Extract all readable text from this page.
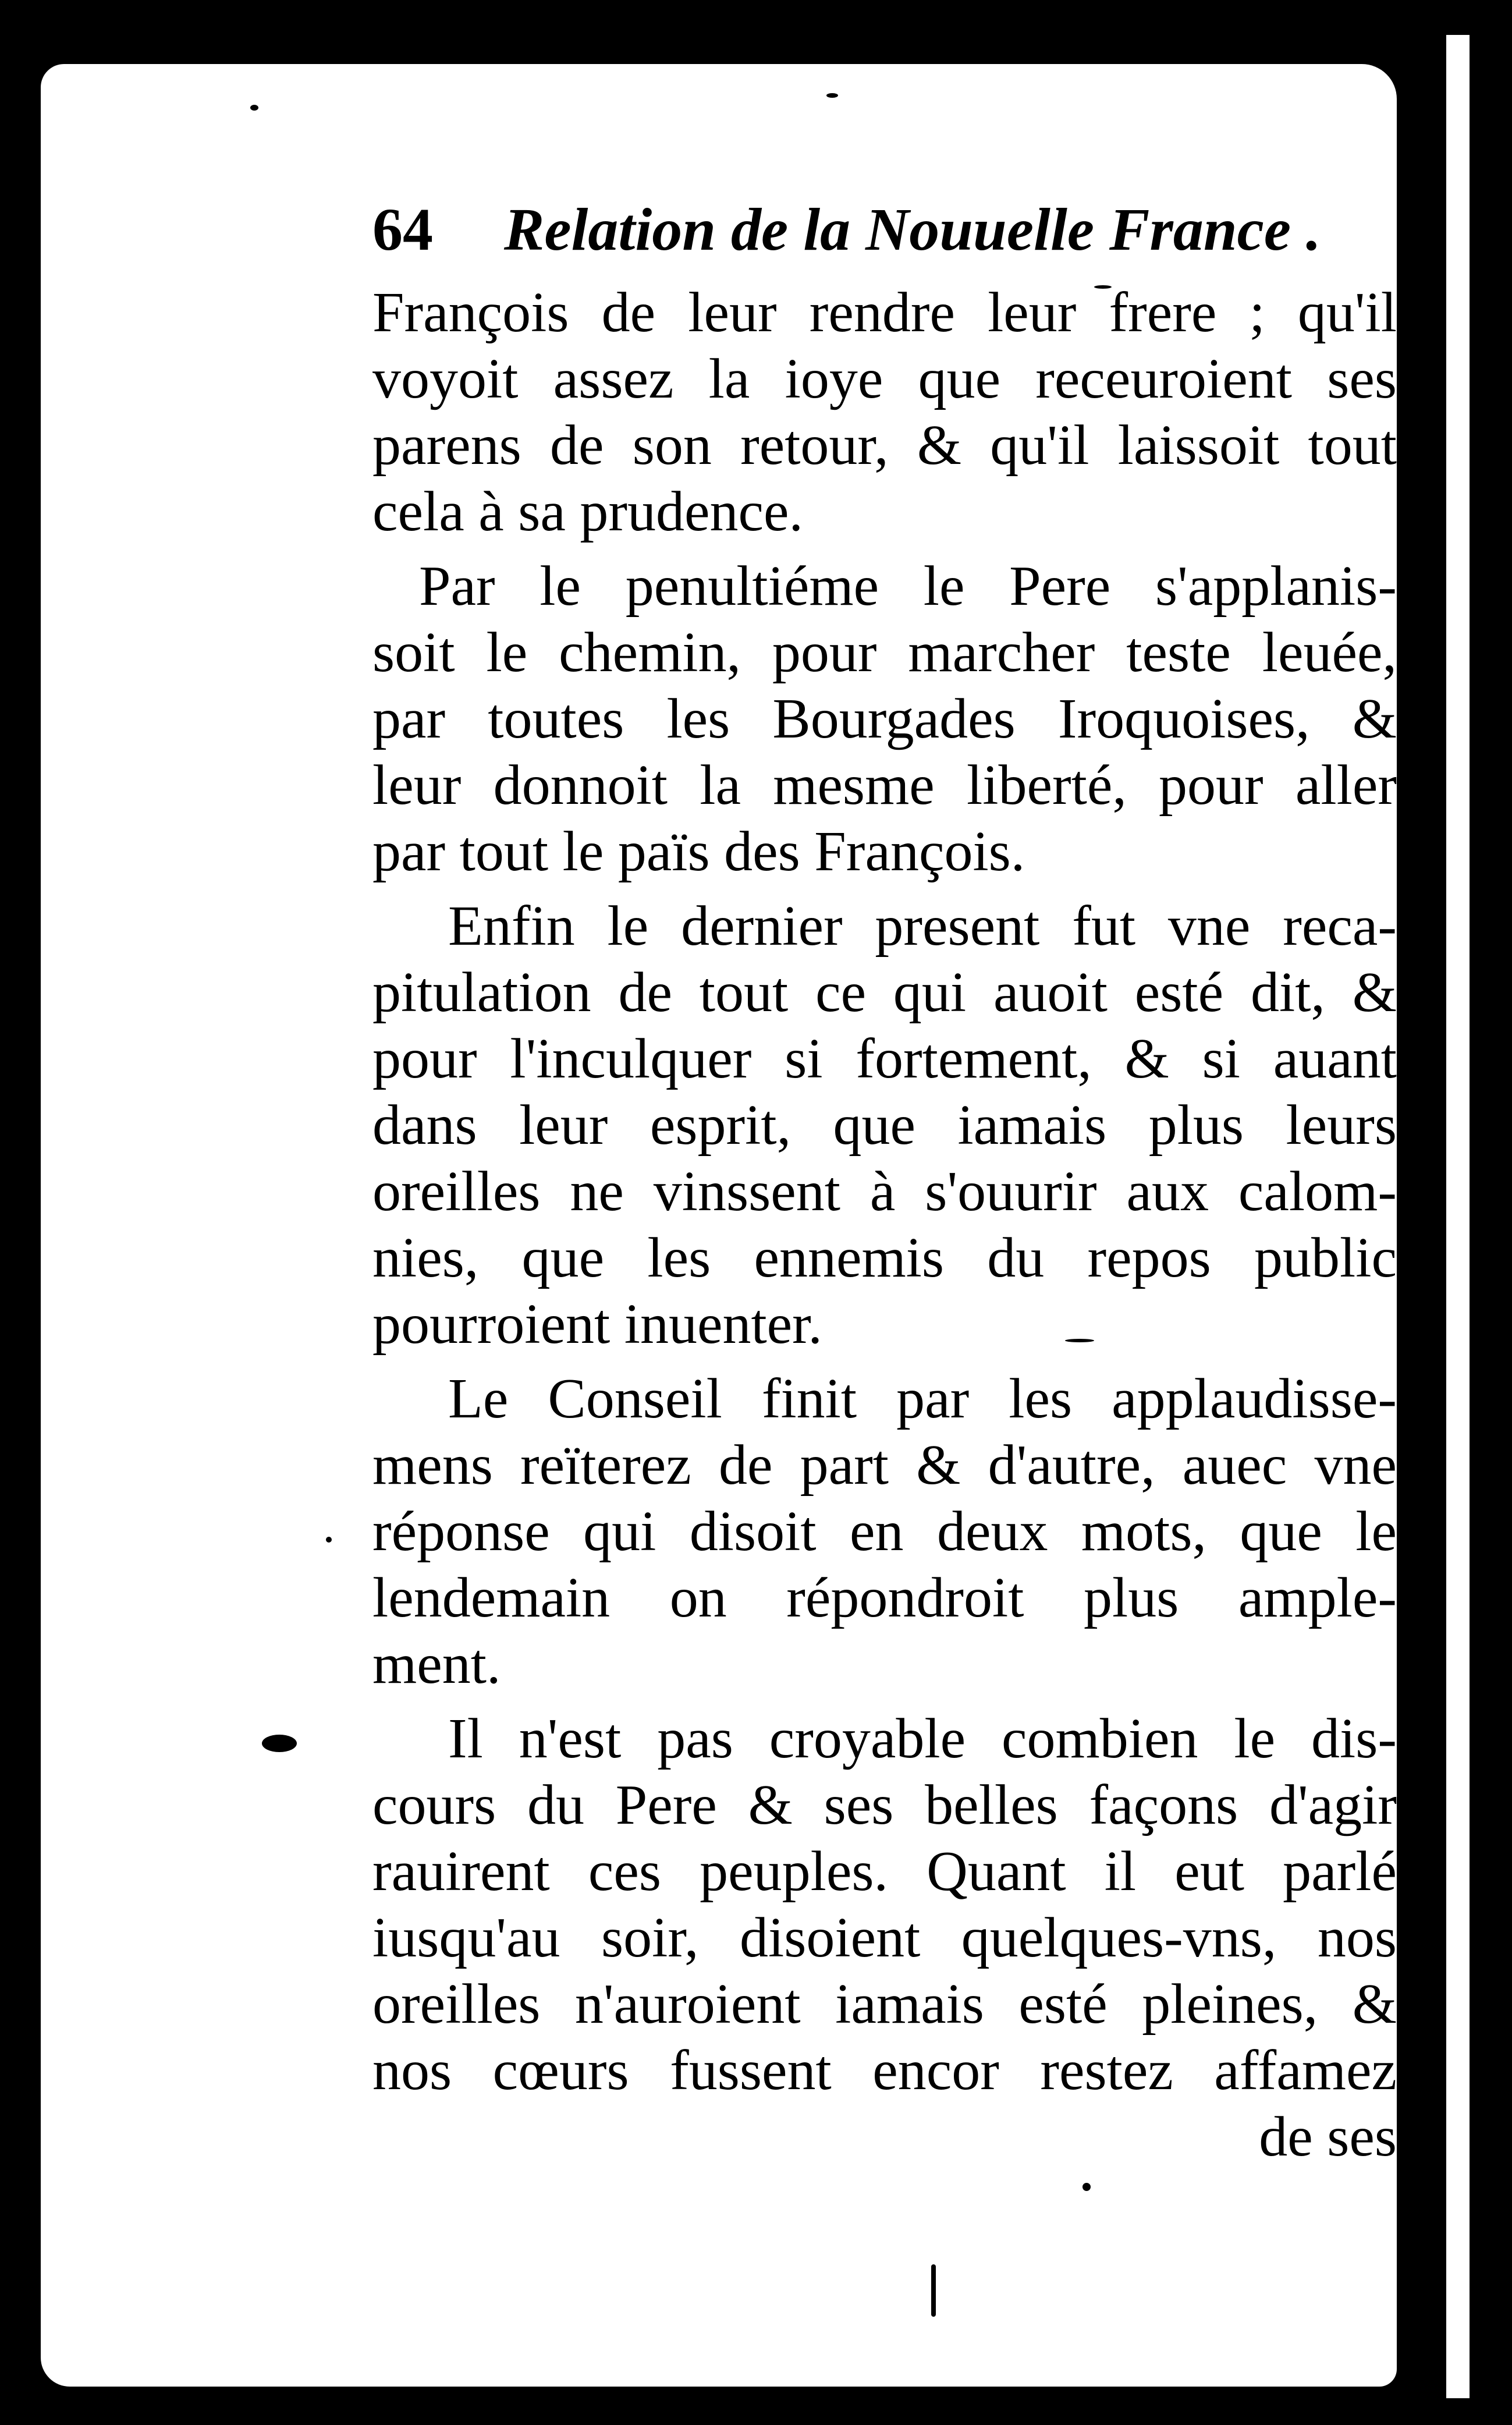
64 Relation de la Nouuelle France .
François de leur rendre leur frere ; qu'il
voyoit assez la ioye que receuroient ses
parens de son retour, & qu'il laissoit tout
cela à sa prudence.
Par le penultiéme le Pere s'applanis-
soit le chemin, pour marcher teste leuée,
par toutes les Bourgades Iroquoises, &
leur donnoit la mesme liberté, pour aller
par tout le païs des François.
Enfin le dernier present fut vne reca-
pitulation de tout ce qui auoit esté dit, &
pour l'inculquer si fortement, & si auant
dans leur esprit, que iamais plus leurs
oreilles ne vinssent à s'ouurir aux calom-
nies, que les ennemis du repos public
pourroient inuenter.
Le Conseil finit par les applaudisse-
mens reïterez de part & d'autre, auec vne
réponse qui disoit en deux mots, que le
lendemain on répondroit plus ample-
ment.
Il n'est pas croyable combien le dis-
cours du Pere & ses belles façons d'agir
rauirent ces peuples. Quant il eut parlé
iusqu'au soir, disoient quelques-vns, nos
oreilles n'auroient iamais esté pleines, &
nos cœurs fussent encor restez affamez
de ses
